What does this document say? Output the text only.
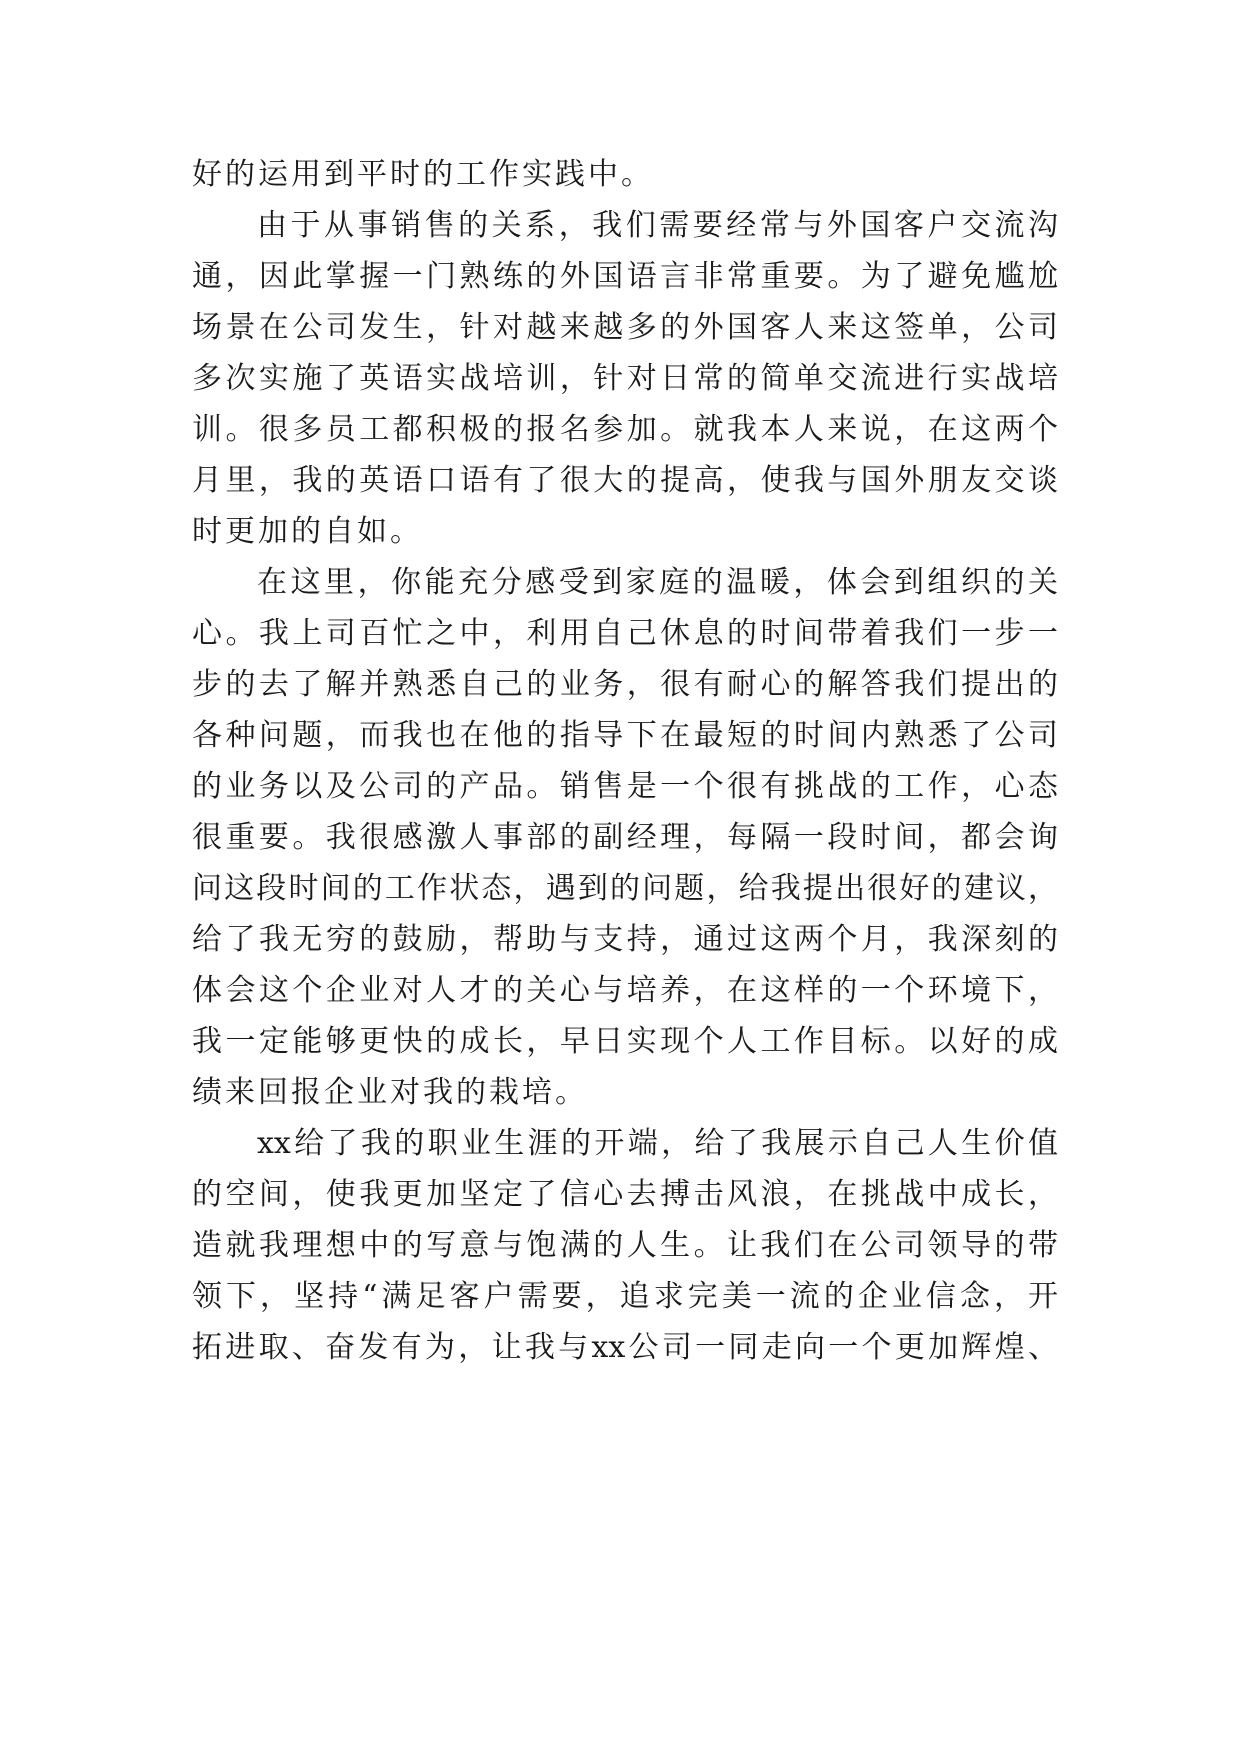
好的运用到平时的工作实践中。
由于从事销售的关系，我们需要经常与外国客户交流沟
通，因此掌握一门熟练的外国语言非常重要。为了避免尴尬
场景在公司发生，针对越来越多的外国客人来这签单，公司
多次实施了英语实战培训，针对日常的简单交流进行实战培
训。很多员工都积极的报名参加。就我本人来说，在这两个
月里，我的英语口语有了很大的提高，使我与国外朋友交谈
时更加的自如。
在这里，你能充分感受到家庭的温暖，体会到组织的关
心。我上司百忙之中，利用自己休息的时间带着我们一步一
步的去了解并熟悉自己的业务，很有耐心的解答我们提出的
各种问题，而我也在他的指导下在最短的时间内熟悉了公司
的业务以及公司的产品。销售是一个很有挑战的工作，心态
很重要。我很感激人事部的副经理，每隔一段时间，都会询
问这段时间的工作状态，遇到的问题，给我提出很好的建议，
给了我无穷的鼓励，帮助与支持，通过这两个月，我深刻的
体会这个企业对人才的关心与培养，在这样的一个环境下，
我一定能够更快的成长，早日实现个人工作目标。以好的成
绩来回报企业对我的栽培。
xx给了我的职业生涯的开端，给了我展示自己人生价值
的空间，使我更加坚定了信心去搏击风浪，在挑战中成长，
造就我理想中的写意与饱满的人生。让我们在公司领导的带
领下，坚持“满足客户需要，追求完美一流的企业信念，开
拓进取、奋发有为，让我与xx公司一同走向一个更加辉煌、
